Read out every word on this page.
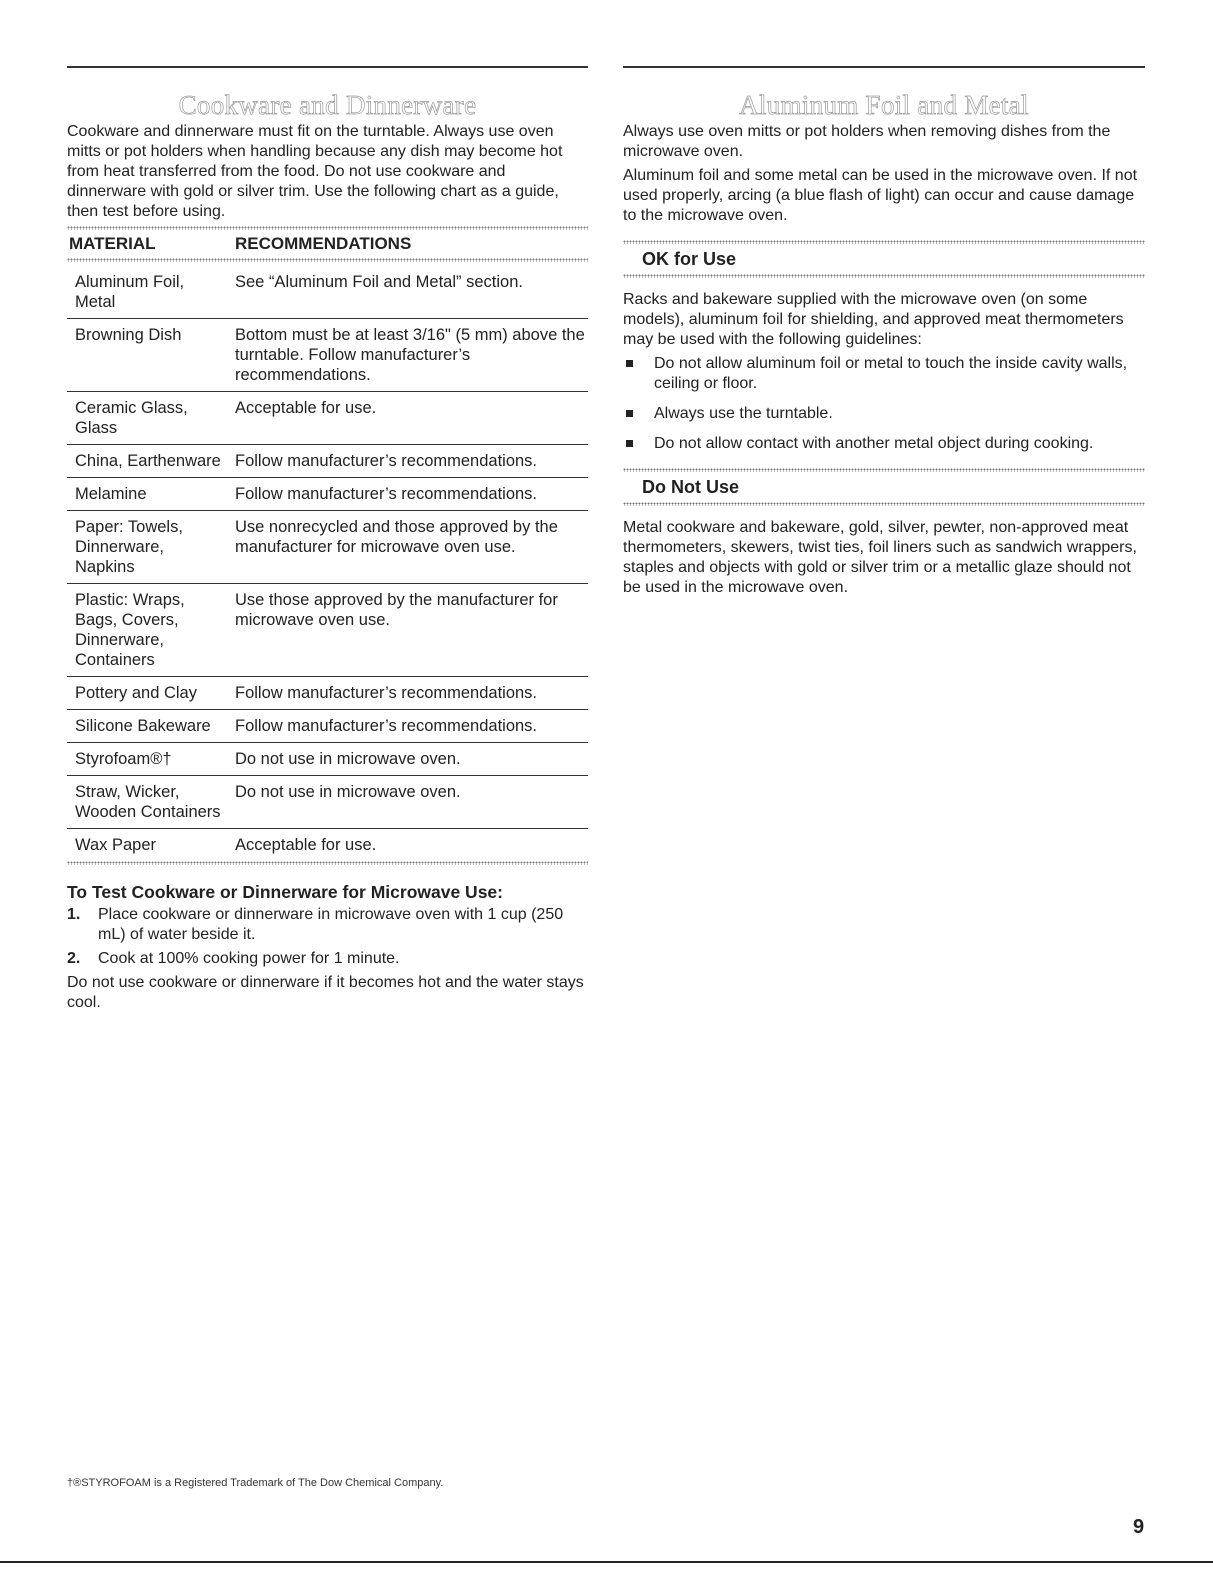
Cookware and Dinnerware

Cookware and dinnerware must fit on the turntable. Always use oven mitts or pot holders when handling because any dish may become hot from heat transferred from the food. Do not use cookware and dinnerware with gold or silver trim. Use the following chart as a guide, then test before using.

MATERIAL	RECOMMENDATIONS

Aluminum Foil, Metal	See “Aluminum Foil and Metal” section.
Browning Dish	Bottom must be at least 3/16" (5 mm) above the turntable. Follow manufacturer’s recommendations.
Ceramic Glass, Glass	Acceptable for use.
China, Earthenware	Follow manufacturer’s recommendations.
Melamine	Follow manufacturer’s recommendations.
Paper: Towels, Dinnerware, Napkins	Use nonrecycled and those approved by the manufacturer for microwave oven use.
Plastic: Wraps, Bags, Covers, Dinnerware, Containers	Use those approved by the manufacturer for microwave oven use.
Pottery and Clay	Follow manufacturer’s recommendations.
Silicone Bakeware	Follow manufacturer’s recommendations.
Styrofoam®†	Do not use in microwave oven.
Straw, Wicker, Wooden Containers	Do not use in microwave oven.
Wax Paper	Acceptable for use.
To Test Cookware or Dinnerware for Microwave Use:
1. Place cookware or dinnerware in microwave oven with 1 cup (250 mL) of water beside it.
2. Cook at 100% cooking power for 1 minute.

Do not use cookware or dinnerware if it becomes hot and the water stays cool.

Aluminum Foil and Metal

Always use oven mitts or pot holders when removing dishes from the microwave oven.

Aluminum foil and some metal can be used in the microwave oven. If not used properly, arcing (a blue flash of light) can occur and cause damage to the microwave oven.

OK for Use

Racks and bakeware supplied with the microwave oven (on some models), aluminum foil for shielding, and approved meat thermometers may be used with the following guidelines:

Do not allow aluminum foil or metal to touch the inside cavity walls, ceiling or floor.
Always use the turntable.
Do not allow contact with another metal object during cooking.
Do Not Use

Metal cookware and bakeware, gold, silver, pewter, non-approved meat thermometers, skewers, twist ties, foil liners such as sandwich wrappers, staples and objects with gold or silver trim or a metallic glaze should not be used in the microwave oven.

†®STYROFOAM is a Registered Trademark of The Dow Chemical Company.
9
